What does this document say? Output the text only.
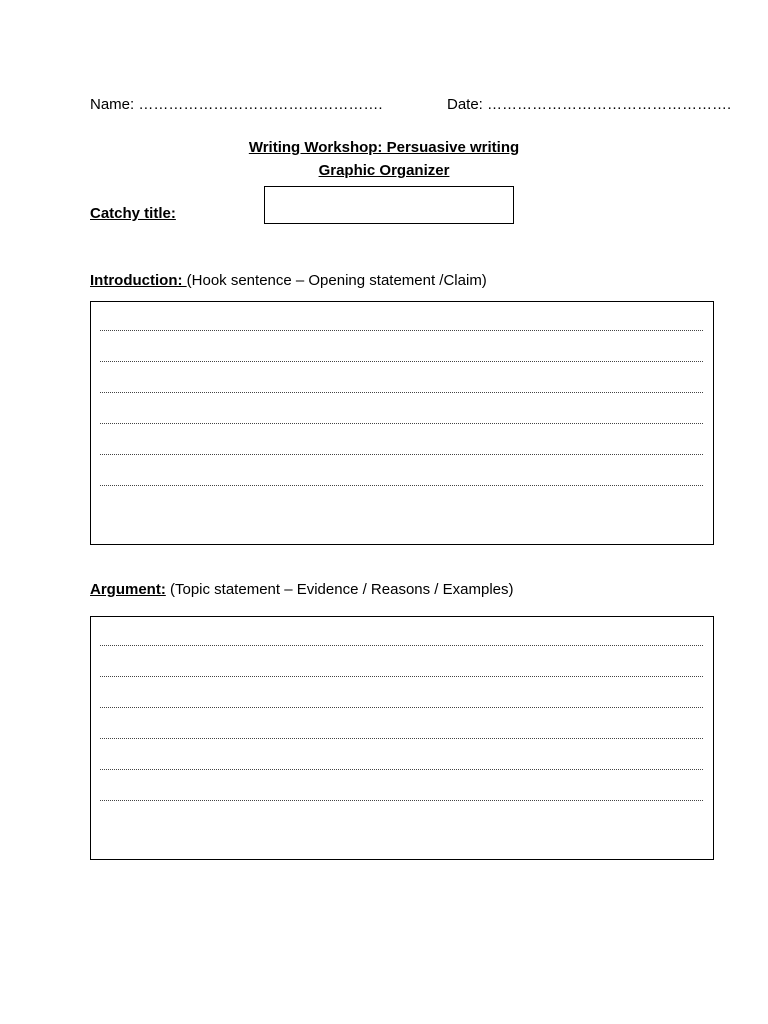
Name: ………………………………………….	Date: ………………………………………….
Writing Workshop: Persuasive writing
Graphic Organizer
Catchy title:
Introduction: (Hook sentence – Opening statement /Claim)
Argument: (Topic statement – Evidence / Reasons / Examples)
